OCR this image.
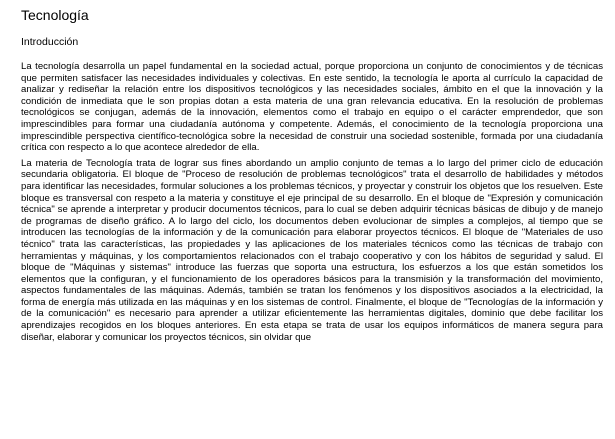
Tecnología
Introducción

La tecnología desarrolla un papel fundamental en la sociedad actual, porque proporciona un conjunto de conocimientos y de técnicas que permiten satisfacer las necesidades individuales y colectivas. En este sentido, la tecnología le aporta al currículo la capacidad de analizar y rediseñar la relación entre los dispositivos tecnológicos y las necesidades sociales, ámbito en el que la innovación y la condición de inmediata que le son propias dotan a esta materia de una gran relevancia educativa. En la resolución de problemas tecnológicos se conjugan, además de la innovación, elementos como el trabajo en equipo o el carácter emprendedor, que son imprescindibles para formar una ciudadanía autónoma y competente. Además, el conocimiento de la tecnología proporciona una imprescindible perspectiva científico-tecnológica sobre la necesidad de construir una sociedad sostenible, formada por una ciudadanía crítica con respecto a lo que acontece alrededor de ella.

La materia de Tecnología trata de lograr sus fines abordando un amplio conjunto de temas a lo largo del primer ciclo de educación secundaria obligatoria. El bloque de "Proceso de resolución de problemas tecnológicos" trata el desarrollo de habilidades y métodos para identificar las necesidades, formular soluciones a los problemas técnicos, y proyectar y construir los objetos que los resuelven. Este bloque es transversal con respeto a la materia y constituye el eje principal de su desarrollo. En el bloque de "Expresión y comunicación técnica" se aprende a interpretar y producir documentos técnicos, para lo cual se deben adquirir técnicas básicas de dibujo y de manejo de programas de diseño gráfico. A lo largo del ciclo, los documentos deben evolucionar de simples a complejos, al tiempo que se introducen las tecnologías de la información y de la comunicación para elaborar proyectos técnicos. El bloque de "Materiales de uso técnico" trata las características, las propiedades y las aplicaciones de los materiales técnicos como las técnicas de trabajo con herramientas y máquinas, y los comportamientos relacionados con el trabajo cooperativo y con los hábitos de seguridad y salud. El bloque de "Máquinas y sistemas" introduce las fuerzas que soporta una estructura, los esfuerzos a los que están sometidos los elementos que la configuran, y el funcionamiento de los operadores básicos para la transmisión y la transformación del movimiento, aspectos fundamentales de las máquinas. Además, también se tratan los fenómenos y los dispositivos asociados a la electricidad, la forma de energía más utilizada en las máquinas y en los sistemas de control. Finalmente, el bloque de "Tecnologías de la información y de la comunicación" es necesario para aprender a utilizar eficientemente las herramientas digitales, dominio que debe facilitar los aprendizajes recogidos en los bloques anteriores. En esta etapa se trata de usar los equipos informáticos de manera segura para diseñar, elaborar y comunicar los proyectos técnicos, sin olvidar que
